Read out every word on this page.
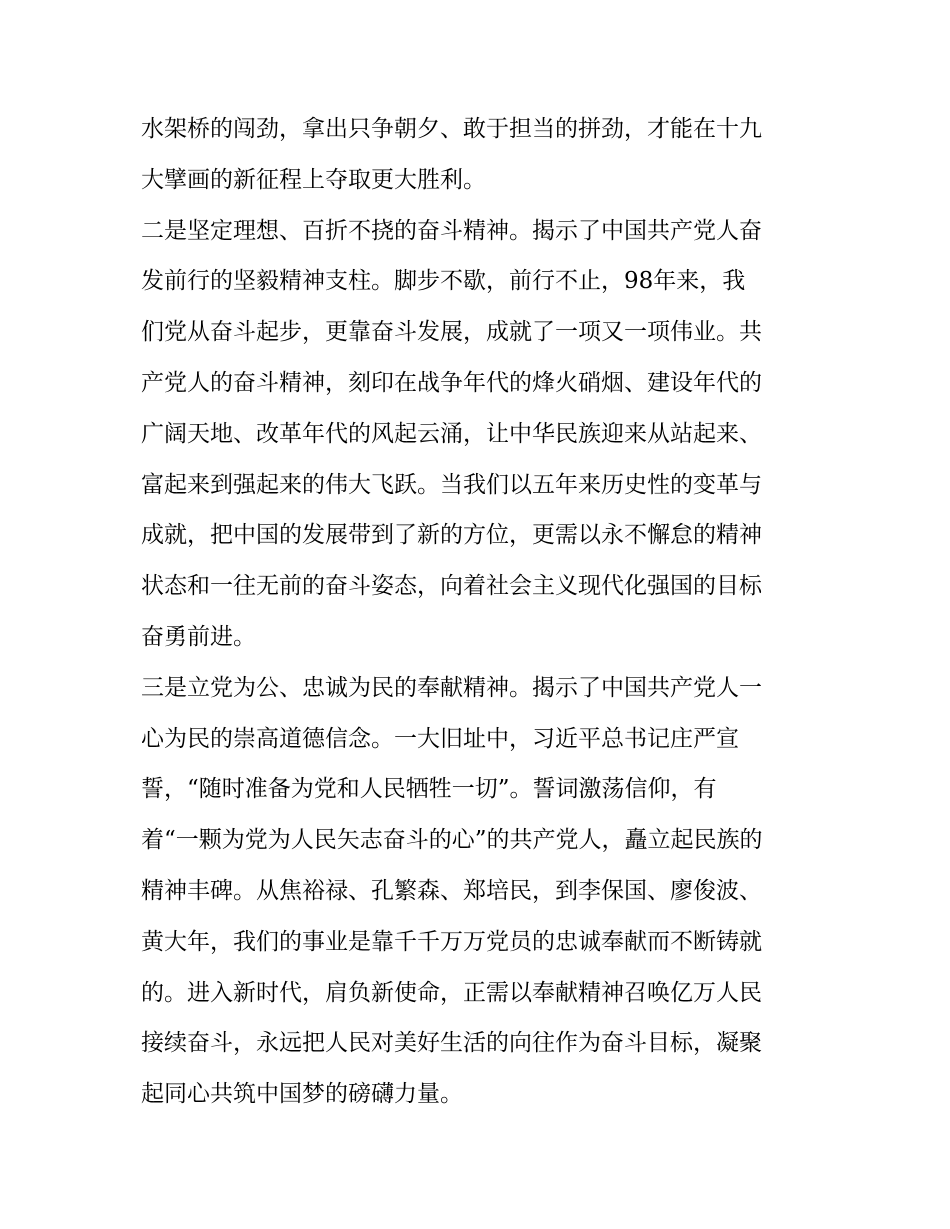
水架桥的闯劲，拿出只争朝夕、敢于担当的拼劲，才能在十九
大擘画的新征程上夺取更大胜利。
二是坚定理想、百折不挠的奋斗精神。揭示了中国共产党人奋
发前行的坚毅精神支柱。脚步不歇，前行不止，98年来，我
们党从奋斗起步，更靠奋斗发展，成就了一项又一项伟业。共
产党人的奋斗精神，刻印在战争年代的烽火硝烟、建设年代的
广阔天地、改革年代的风起云涌，让中华民族迎来从站起来、
富起来到强起来的伟大飞跃。当我们以五年来历史性的变革与
成就，把中国的发展带到了新的方位，更需以永不懈怠的精神
状态和一往无前的奋斗姿态，向着社会主义现代化强国的目标
奋勇前进。
三是立党为公、忠诚为民的奉献精神。揭示了中国共产党人一
心为民的崇高道德信念。一大旧址中，习近平总书记庄严宣
誓，“随时准备为党和人民牺牲一切”。誓词激荡信仰，有
着“一颗为党为人民矢志奋斗的心”的共产党人，矗立起民族的
精神丰碑。从焦裕禄、孔繁森、郑培民，到李保国、廖俊波、
黄大年，我们的事业是靠千千万万党员的忠诚奉献而不断铸就
的。进入新时代，肩负新使命，正需以奉献精神召唤亿万人民
接续奋斗，永远把人民对美好生活的向往作为奋斗目标，凝聚
起同心共筑中国梦的磅礴力量。
